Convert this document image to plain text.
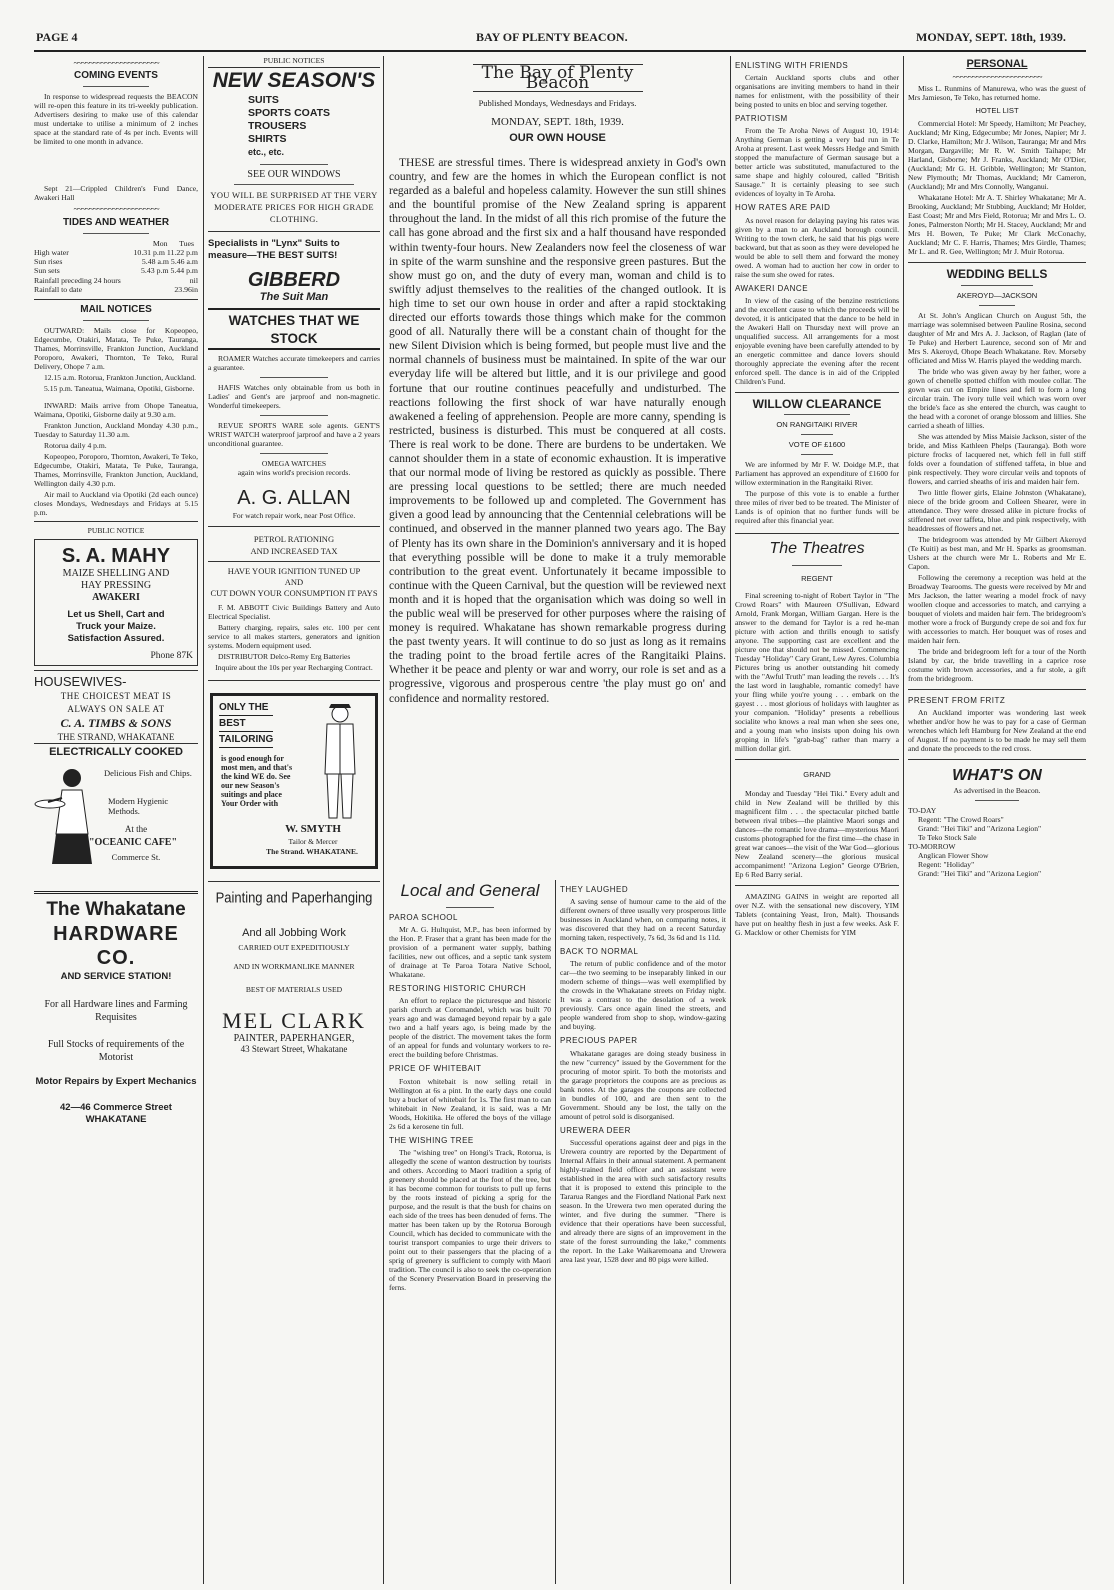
PAGE 4	BAY OF PLENTY BEACON.	MONDAY, SEPT. 18th, 1939.
~~~~~~~~~~~~~~~~~~~~~~
COMING EVENTS

In response to widespread requests the BEACON will re-open this feature in its tri-weekly publication. Advertisers desiring to make use of this calendar must undertake to utilise a minimum of 2 inches space at the standard rate of 4s per inch. Events will be limited to one month in advance.

Sept 21—Crippled Children's Fund Dance, Awakeri Hall

~~~~~~~~~~~~~~~~~~~~~~
TIDES AND WEATHER
	Mon Tues
High water	10.31 p.m 11.22 p.m
Sun rises	5.48 a.m 5.46 a.m
Sun sets	5.43 p.m 5.44 p.m
Rainfall preceding 24 hours	nil
Rainfall to date	23.96in
MAIL NOTICES

OUTWARD: Mails close for Kopeopeo, Edgecumbe, Otakiri, Matata, Te Puke, Tauranga, Thames, Morrinsville, Frankton Junction, Auckland Poroporo, Awakeri, Thornton, Te Teko, Rural Delivery, Ohope 7 a.m.

12.15 a.m. Rotorua, Frankton Junction, Auckland.

5.15 p.m. Taneatua, Waimana, Opotiki, Gisborne.

INWARD: Mails arrive from Ohope Taneatua, Waimana, Opotiki, Gisborne daily at 9.30 a.m.

Frankton Junction, Auckland Monday 4.30 p.m., Tuesday to Saturday 11.30 a.m.

Rotorua daily 4 p.m.

Kopeopeo, Poroporo, Thornton, Awakeri, Te Teko, Edgecumbe, Otakiri, Matata, Te Puke, Tauranga, Thames, Morrinsville, Frankton Junction, Auckland, Wellington daily 4.30 p.m.

Air mail to Auckland via Opotiki (2d each ounce) closes Mondays, Wednesdays and Fridays at 5.15 p.m.

PUBLIC NOTICE
S. A. MAHY
MAIZE SHELLING AND
HAY PRESSING
AWAKERI
Let us Shell, Cart and
Truck your Maize.
Satisfaction Assured.
Phone 87K
HOUSEWIVES-
THE CHOICEST MEAT IS
ALWAYS ON SALE AT
C. A. TIMBS & SONS
THE STRAND, WHAKATANE
ELECTRICALLY COOKED
Delicious Fish and Chips.
Modern Hygienic Methods.
At the
"OCEANIC CAFE"
Commerce St.
The Whakatane
HARDWARE CO.
AND SERVICE STATION!
For all Hardware lines and Farming Requisites
Full Stocks of requirements of the Motorist
Motor Repairs by Expert Mechanics
42—46 Commerce Street
WHAKATANE
PUBLIC NOTICES
NEW SEASON'S
SUITS
SPORTS COATS
TROUSERS
SHIRTS
etc., etc.
SEE OUR WINDOWS
YOU WILL BE SURPRISED AT THE VERY MODERATE PRICES FOR HIGH GRADE CLOTHING.
Specialists in "Lynx" Suits to measure—THE BEST SUITS!
GIBBERD
The Suit Man
WATCHES THAT WE STOCK

ROAMER Watches accurate timekeepers and carries a guarantee.

HAFIS Watches only obtainable from us both in Ladies' and Gent's are jarproof and non-magnetic. Wonderful timekeepers.

REVUE SPORTS WARE sole agents. GENT'S WRIST WATCH waterproof jarproof and have a 2 years unconditional guarantee.

OMEGA WATCHES
again wins world's precision records.
A. G. ALLAN
For watch repair work, near Post Office.
PETROL RATIONING
AND INCREASED TAX
HAVE YOUR IGNITION TUNED UP
AND
CUT DOWN YOUR CONSUMPTION IT PAYS

F. M. ABBOTT Civic Buildings Battery and Auto Electrical Specialist.

Battery charging, repairs, sales etc. 100 per cent service to all makes starters, generators and ignition systems. Modern equipment used.

DISTRIBUTOR Delco-Remy Erg Batteries

Inquire about the 10s per year Recharging Contract.
ONLY THE
BEST
TAILORING
is good enough for most men, and that's the kind WE do. See our new Season's suitings and place Your Order with
W. SMYTH
Tailor & Mercer
The Strand. WHAKATANE.
Painting and Paperhanging
And all Jobbing Work
CARRIED OUT EXPEDITIOUSLY
AND IN WORKMANLIKE MANNER
BEST OF MATERIALS USED
MEL CLARK
PAINTER, PAPERHANGER,
43 Stewart Street, Whakatane
The Bay of Plenty Beacon
Published Mondays, Wednesdays and Fridays.
MONDAY, SEPT. 18th, 1939.
OUR OWN HOUSE
THESE are stressful times. There is widespread anxiety in God's own country, and few are the homes in which the European conflict is not regarded as a baleful and hopeless calamity. However the sun still shines and the bountiful promise of the New Zealand spring is apparent throughout the land. In the midst of all this rich promise of the future the call has gone abroad and the first six and a half thousand have responded within twenty-four hours. New Zealanders now feel the closeness of war in spite of the warm sunshine and the responsive green pastures. But the show must go on, and the duty of every man, woman and child is to swiftly adjust themselves to the realities of the changed outlook. It is high time to set our own house in order and after a rapid stocktaking directed our efforts towards those things which make for the common good of all. Naturally there will be a constant chain of thought for the new Silent Division which is being formed, but people must live and the normal channels of business must be maintained. In spite of the war our everyday life will be altered but little, and it is our privilege and good fortune that our routine continues peacefully and undisturbed. The reactions following the first shock of war have naturally enough awakened a feeling of apprehension. People are more canny, spending is restricted, business is disturbed. This must be conquered at all costs. There is real work to be done. There are burdens to be undertaken. We cannot shoulder them in a state of economic exhaustion. It is imperative that our normal mode of living be restored as quickly as possible. There are pressing local questions to be settled; there are much needed improvements to be followed up and completed. The Government has given a good lead by announcing that the Centennial celebrations will be continued, and observed in the manner planned two years ago. The Bay of Plenty has its own share in the Dominion's anniversary and it is hoped that everything possible will be done to make it a truly memorable contribution to the great event. Unfortunately it became impossible to continue with the Queen Carnival, but the question will be reviewed next month and it is hoped that the organisation which was doing so well in the public weal will be preserved for other purposes where the raising of money is required. Whakatane has shown remarkable progress during the past twenty years. It will continue to do so just as long as it remains the trading point to the broad fertile acres of the Rangitaiki Plains. Whether it be peace and plenty or war and worry, our role is set and as a progressive, vigorous and prosperous centre 'the play must go on' and confidence and normality restored.
Local and General
PAROA SCHOOL

Mr A. G. Hultquist, M.P., has been informed by the Hon. P. Fraser that a grant has been made for the provision of a permanent water supply, bathing facilities, new out offices, and a septic tank system of drainage at Te Paroa Totara Native School, Whakatane.

RESTORING HISTORIC CHURCH

An effort to replace the picturesque and historic parish church at Coromandel, which was built 70 years ago and was damaged beyond repair by a gale two and a half years ago, is being made by the people of the district. The movement takes the form of an appeal for funds and voluntary workers to re-erect the building before Christmas.

PRICE OF WHITEBAIT

Foxton whitebait is now selling retail in Wellington at 6s a pint. In the early days one could buy a bucket of whitebait for 1s. The first man to can whitebait in New Zealand, it is said, was a Mr Woods, Hokitika. He offered the boys of the village 2s 6d a kerosene tin full.

THE WISHING TREE

The "wishing tree" on Hongi's Track, Rotorua, is allegedly the scene of wanton destruction by tourists and others. According to Maori tradition a sprig of greenery should be placed at the foot of the tree, but it has become common for tourists to pull up ferns by the roots instead of picking a sprig for the purpose, and the result is that the bush for chains on each side of the trees has been denuded of ferns. The matter has been taken up by the Rotorua Borough Council, which has decided to communicate with the tourist transport companies to urge their drivers to point out to their passengers that the placing of a sprig of greenery is sufficient to comply with Maori tradition. The council is also to seek the co-operation of the Scenery Preservation Board in preserving the ferns.

THEY LAUGHED

A saving sense of humour came to the aid of the different owners of three usually very prosperous little businesses in Auckland when, on comparing notes, it was discovered that they had on a recent Saturday morning taken, respectively, 7s 6d, 3s 6d and 1s 11d.

BACK TO NORMAL

The return of public confidence and of the motor car—the two seeming to be inseparably linked in our modern scheme of things—was well exemplified by the crowds in the Whakatane streets on Friday night. It was a contrast to the desolation of a week previously. Cars once again lined the streets, and people wandered from shop to shop, window-gazing and buying.

PRECIOUS PAPER

Whakatane garages are doing steady business in the new "currency" issued by the Government for the procuring of motor spirit. To both the motorists and the garage proprietors the coupons are as precious as bank notes. At the garages the coupons are collected in bundles of 100, and are then sent to the Government. Should any be lost, the tally on the amount of petrol sold is disorganised.

UREWERA DEER

Successful operations against deer and pigs in the Urewera country are reported by the Department of Internal Affairs in their annual statement. A permanent highly-trained field officer and an assistant were established in the area with such satisfactory results that it is proposed to extend this principle to the Tararua Ranges and the Fiordland National Park next season. In the Urewera two men operated during the winter, and five during the summer. "There is evidence that their operations have been successful, and already there are signs of an improvement in the state of the forest surrounding the lake," comments the report. In the Lake Waikaremoana and Urewera area last year, 1528 deer and 80 pigs were killed.

ENLISTING WITH FRIENDS

Certain Auckland sports clubs and other organisations are inviting members to hand in their names for enlistment, with the possibility of their being posted to units en bloc and serving together.

PATRIOTISM

From the Te Aroha News of August 10, 1914: Anything German is getting a very bad run in Te Aroha at present. Last week Messrs Hedge and Smith stopped the manufacture of German sausage but a better article was substituted, manufactured to the same shape and highly coloured, called "British Sausage." It is certainly pleasing to see such evidences of loyalty in Te Aroha.

HOW RATES ARE PAID

As novel reason for delaying paying his rates was given by a man to an Auckland borough council. Writing to the town clerk, he said that his pigs were backward, but that as soon as they were developed he would be able to sell them and forward the money owed. A woman had to auction her cow in order to raise the sum she owed for rates.

AWAKERI DANCE

In view of the casing of the benzine restrictions and the excellent cause to which the proceeds will be devoted, it is anticipated that the dance to be held in the Awakeri Hall on Thursday next will prove an unqualified success. All arrangements for a most enjoyable evening have been carefully attended to by an energetic committee and dance lovers should thoroughly appreciate the evening after the recent enforced spell. The dance is in aid of the Crippled Children's Fund.

WILLOW CLEARANCE
ON RANGITAIKI RIVER
VOTE OF £1600

We are informed by Mr F. W. Doidge M.P., that Parliament has approved an expenditure of £1600 for willow extermination in the Rangitaiki River.

The purpose of this vote is to enable a further three miles of river bed to be treated. The Minister of Lands is of opinion that no further funds will be required after this financial year.

The Theatres
REGENT

Final screening to-night of Robert Taylor in "The Crowd Roars" with Maureen O'Sullivan, Edward Arnold, Frank Morgan, William Gargan. Here is the answer to the demand for Taylor is a red he-man picture with action and thrills enough to satisfy anyone. The supporting cast are excellent and the picture one that should not be missed. Commencing Tuesday "Holiday" Cary Grant, Lew Ayres. Columbia Pictures bring us another outstanding hit comedy with the "Awful Truth" man leading the revels . . . It's the last word in laughable, romantic comedy! have your fling while you're young . . . embark on the gayest . . . most glorious of holidays with laughter as your companion. "Holiday" presents a rebellious socialite who knows a real man when she sees one, and a young man who insists upon doing his own groping in life's "grab-bag" rather than marry a million dollar girl.

GRAND

Monday and Tuesday "Hei Tiki." Every adult and child in New Zealand will be thrilled by this magnificent film . . . the spectacular pitched battle between rival tribes—the plaintive Maori songs and dances—the romantic love drama—mysterious Maori customs photographed for the first time—the chase in great war canoes—the visit of the War God—glorious New Zealand scenery—the glorious musical accompaniment! "Arizona Legion" George O'Brien, Ep 6 Red Barry serial.

AMAZING GAINS in weight are reported all over N.Z. with the sensational new discovery, YIM Tablets (containing Yeast, Iron, Malt). Thousands have put on healthy flesh in just a few weeks. Ask F. G. Macklow or other Chemists for YIM

PERSONAL
~~~~~~~~~~~~~~~~~~~~~~~

Miss L. Runmins of Manurewa, who was the guest of Mrs Jamieson, Te Teko, has returned home.

HOTEL LIST

Commercial Hotel: Mr Speedy, Hamilton; Mr Peachey, Auckland; Mr King, Edgecumbe; Mr Jones, Napier; Mr J. D. Clarke, Hamilton; Mr J. Wilson, Tauranga; Mr and Mrs Morgan, Dargaville; Mr R. W. Smith Taihape; Mr Harland, Gisborne; Mr J. Franks, Auckland; Mr O'Dier, (Auckland; Mr G. H. Gribble, Wellington; Mr Stanton, New Plymouth; Mr Thomas, Auckland; Mr Cameron, (Auckland); Mr and Mrs Connolly, Wanganui.

Whakatane Hotel: Mr A. T. Shirley Whakatane; Mr A. Brooking, Auckland; Mr Stubbing, Auckland; Mr Holder, East Coast; Mr and Mrs Field, Rotorua; Mr and Mrs L. O. Jones, Palmerston North; Mr H. Stacey, Auckland; Mr and Mrs H. Bowen, Te Puke; Mr Clark McConachy, Auckland; Mr C. F. Harris, Thames; Mrs Girdle, Thames; Mr L. and R. Gee, Wellington; Mr J. Muir Rotorua.

WEDDING BELLS
AKEROYD—JACKSON

At St. John's Anglican Church on August 5th, the marriage was solemnised between Pauline Rosina, second daughter of Mr and Mrs A. J. Jackson, of Raglan (late of Te Puke) and Herbert Laurence, second son of Mr and Mrs S. Akeroyd, Ohope Beach Whakatane. Rev. Morseby officiated and Miss W. Harris played the wedding march.

The bride who was given away by her father, wore a gown of chenelle spotted chiffon with moulee collar. The gown was cut on Empire lines and fell to form a long circular train. The ivory tulle veil which was worn over the bride's face as she entered the church, was caught to the head with a coronet of orange blossom and lillies. She carried a sheath of lillies.

She was attended by Miss Maisie Jackson, sister of the bride, and Miss Kathleen Phelps (Tauranga). Both wore picture frocks of lacquered net, which fell in full stiff folds over a foundation of stiffened taffeta, in blue and pink respectively. They wore circular veils and topnots of flowers, and carried sheaths of iris and maiden hair fern.

Two little flower girls, Elaine Johnston (Whakatane), niece of the bride groom and Colleen Shearer, were in attendance. They were dressed alike in picture frocks of stiffened net over taffeta, blue and pink respectively, with headdresses of flowers and net.

The bridegroom was attended by Mr Gilbert Akeroyd (Te Kuiti) as best man, and Mr H. Sparks as groomsman. Ushers at the church were Mr L. Roberts and Mr E. Capon.

Following the ceremony a reception was held at the Broadway Tearooms. The guests were received by Mr and Mrs Jackson, the latter wearing a model frock of navy woollen cloque and accessories to match, and carrying a bouquet of violets and maiden hair fern. The bridegroom's mother wore a frock of Burgundy crepe de soi and fox fur with accessories to match. Her bouquet was of roses and maiden hair fern.

The bride and bridegroom left for a tour of the North Island by car, the bride travelling in a caprice rose costume with brown accessories, and a fur stole, a gift from the bridegroom.

PRESENT FROM FRITZ

An Auckland importer was wondering last week whether and/or how he was to pay for a case of German wrenches which left Hamburg for New Zealand at the end of August. If no payment is to be made he may sell them and donate the proceeds to the red cross.

WHAT'S ON
As advertised in the Beacon.
TO-DAY
Regent: "The Crowd Roars"
Grand: "Hei Tiki" and "Arizona Legion"
Te Teko Stock Sale
TO-MORROW
Anglican Flower Show
Regent: "Holiday"
Grand: "Hei Tiki" and "Arizona Legion"
